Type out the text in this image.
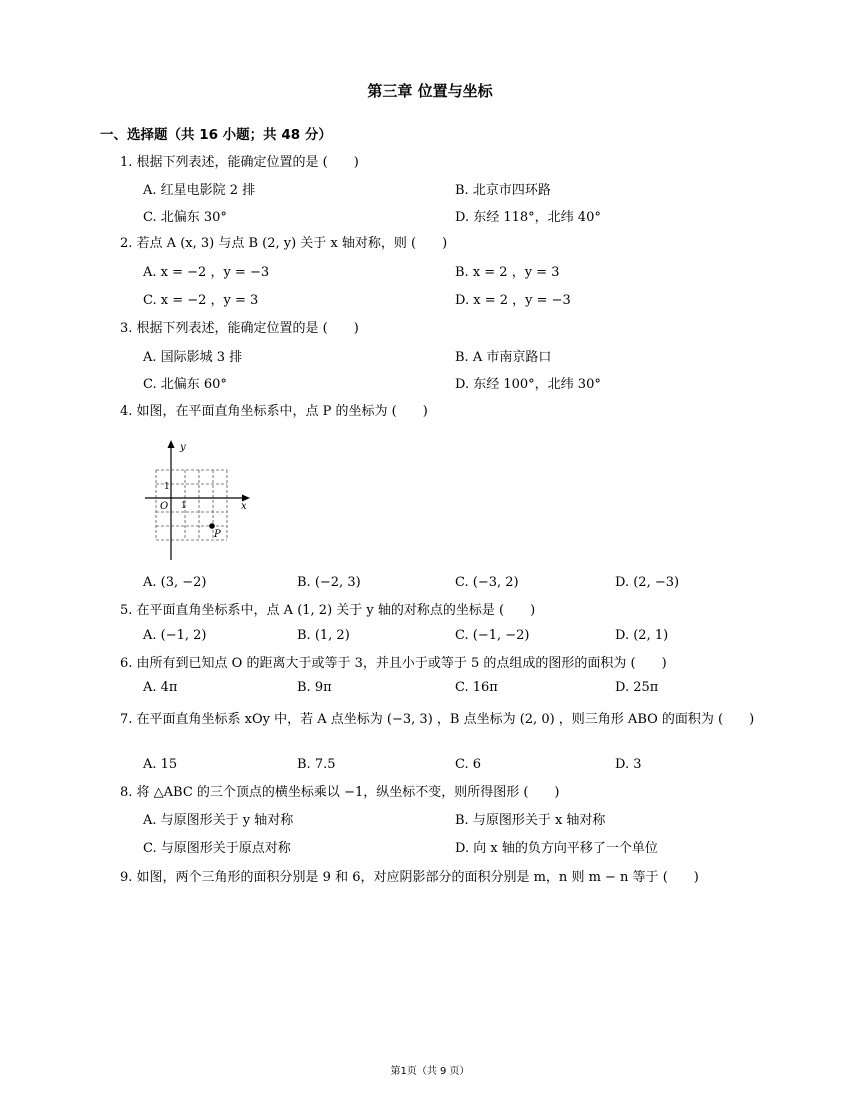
第三章 位置与坐标
一、选择题（共 16 小题；共 48 分）
1. 根据下列表述，能确定位置的是 (　　)
A. 红星电影院 2 排	B. 北京市四环路
C. 北偏东 30°	D. 东经 118°，北纬 40°
2. 若点 A (x, 3) 与点 B (2, y) 关于 x 轴对称，则 (　　)
A. x = −2 ，y = −3	B. x = 2 ，y = 3
C. x = −2 ，y = 3	D. x = 2 ，y = −3
3. 根据下列表述，能确定位置的是 (　　)
A. 国际影城 3 排	B. A 市南京路口
C. 北偏东 60°	D. 东经 100°，北纬 30°
4. 如图，在平面直角坐标系中，点 P 的坐标为 (　　)
y
x
O 1
1
P
A. (3, −2)	B. (−2, 3)	C. (−3, 2)	D. (2, −3)
5. 在平面直角坐标系中，点 A (1, 2) 关于 y 轴的对称点的坐标是 (　　)
A. (−1, 2)	B. (1, 2)	C. (−1, −2)	D. (2, 1)
6. 由所有到已知点 O 的距离大于或等于 3，并且小于或等于 5 的点组成的图形的面积为 (　　)
A. 4π	B. 9π	C. 16π	D. 25π
7. 在平面直角坐标系 xOy 中，若 A 点坐标为 (−3, 3) ，B 点坐标为 (2, 0) ，则三角形 ABO 的面积为 (　　)
A. 15	B. 7.5	C. 6	D. 3
8. 将 △ABC 的三个顶点的横坐标乘以 −1，纵坐标不变，则所得图形 (　　)
A. 与原图形关于 y 轴对称	B. 与原图形关于 x 轴对称
C. 与原图形关于原点对称	D. 向 x 轴的负方向平移了一个单位
9. 如图，两个三角形的面积分别是 9 和 6，对应阴影部分的面积分别是 m，n 则 m − n 等于 (　　)
第1页（共 9 页）
